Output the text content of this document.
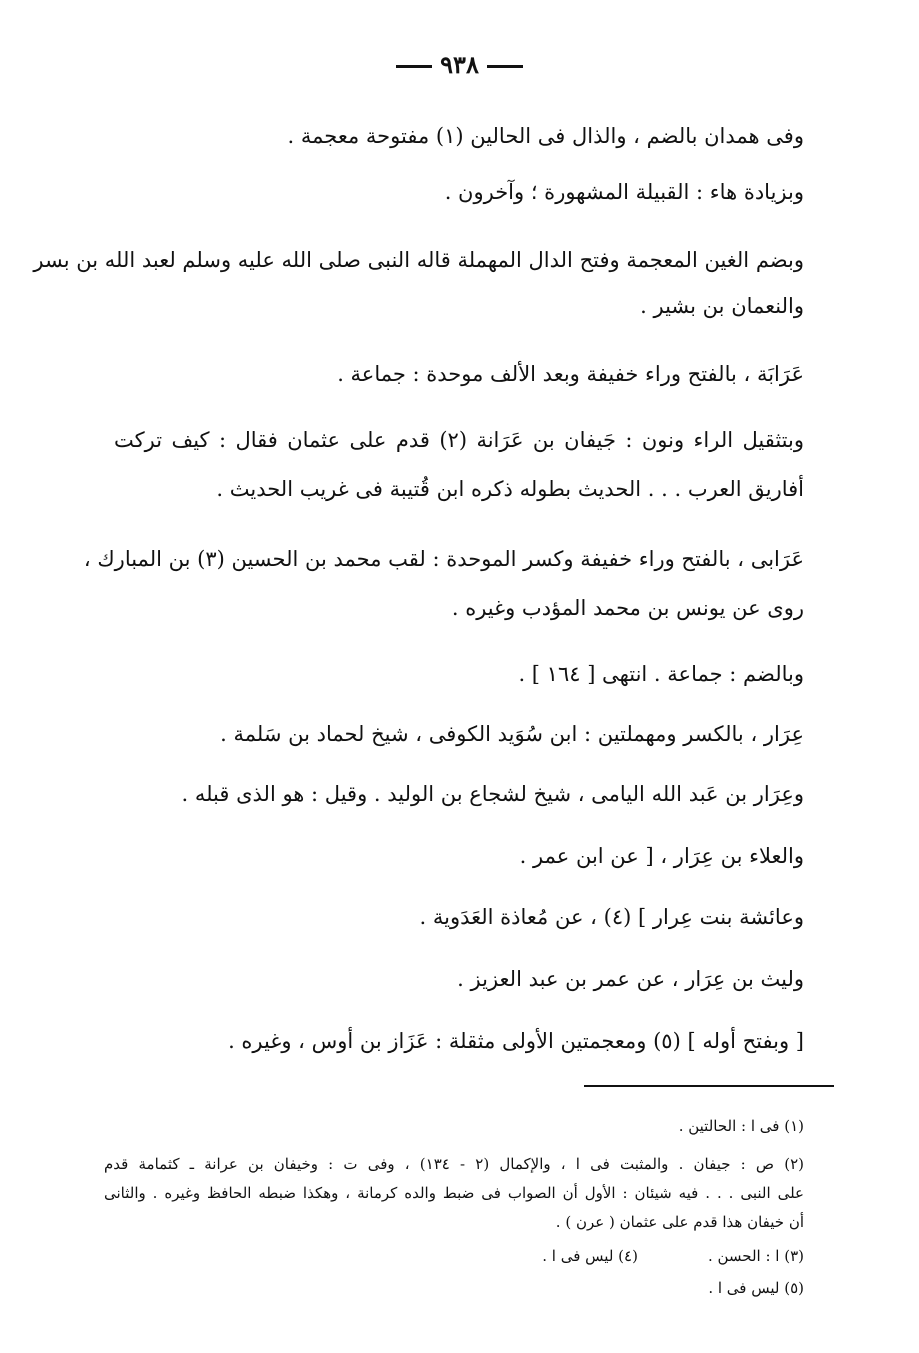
٩٣٨
وفى همدان بالضم ، والذال فى الحالين (١) مفتوحة معجمة .
وبزيادة هاء : القبيلة المشهورة ؛ وآخرون .
وبضم الغين المعجمة وفتح الدال المهملة قاله النبى صلى الله عليه وسلم لعبد الله بن بسر
والنعمان بن بشير .
عَرَابَة ، بالفتح وراء خفيفة وبعد الألف موحدة : جماعة .
وبتثقيل الراء ونون : جَيفان بن عَرَانة (٢) قدم على عثمان فقال : كيف تركت
أفاريق العرب . . . الحديث بطوله ذكره ابن قُتيبة فى غريب الحديث .
عَرَابى ، بالفتح وراء خفيفة وكسر الموحدة : لقب محمد بن الحسين (٣) بن المبارك ،
روى عن يونس بن محمد المؤدب وغيره .
وبالضم : جماعة . انتهى [ ١٦٤ ] .
عِرَار ، بالكسر ومهملتين : ابن سُوَيد الكوفى ، شيخ لحماد بن سَلمة .
وعِرَار بن عَبد الله اليامى ، شيخ لشجاع بن الوليد . وقيل : هو الذى قبله .
والعلاء بن عِرَار ، [ عن ابن عمر .
وعائشة بنت عِرار ] (٤) ، عن مُعاذة العَدَوية .
وليث بن عِرَار ، عن عمر بن عبد العزيز .
[ وبفتح أوله ] (٥) ومعجمتين الأولى مثقلة : عَزَاز بن أوس ، وغيره .
(١) فى ا : الحالتين .
(٢) ص : جيفان . والمثبت فى ا ، والإكمال (٢ - ١٣٤) ، وفى ت : وخيفان بن عرانة ـ كثمامة قدم
على النبى . . . فيه شيئان : الأول أن الصواب فى ضبط والده كرمانة ، وهكذا ضبطه الحافظ وغيره . والثانى
أن خيفان هذا قدم على عثمان ( عرن ) .
(٣) ا : الحسن .(٤) ليس فى ا .
(٥) ليس فى ا .
